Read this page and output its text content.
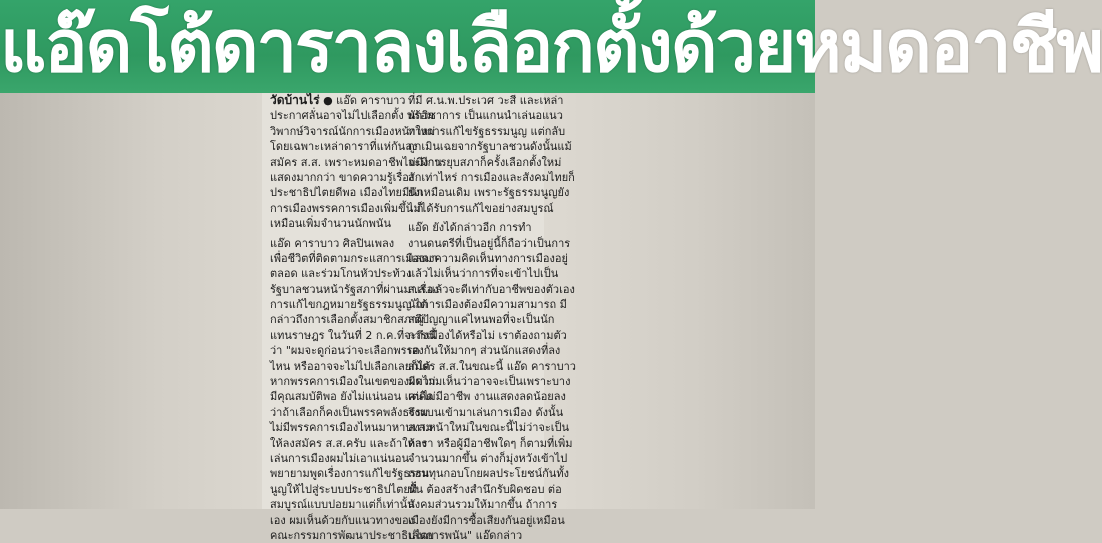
แอ๊ดโต้ดาราลงเลือกตั้งด้วยหมดอาชีพ
วัดบ้านไร่ ● แอ๊ด คาราบาว
ประกาศลั่นอาจไม่ไปเลือกตั้ง พร้อม
วิพากษ์วิจารณ์นักการเมืองหน้าใหม่
โดยเฉพาะเหล่าดาราที่แห่กันลง
สมัคร ส.ส. เพราะหมดอาชีพไม่มีงาน
แสดงมากกว่า ขาดความรู้เรื่อง
ประชาธิปไตยดีพอ เมืองไทยมีนัก
การเมืองพรรคการเมืองเพิ่มขึ้น ก็
เหมือนเพิ่มจำนวนนักพนัน
แอ๊ด คาราบาว ศิลปินเพลง
เพื่อชีวิตที่ติดตามกระแสการเมืองมา
ตลอด และร่วมโกนหัวประท้วง
รัฐบาลชวนหน้ารัฐสภาที่ผ่านมาเรื่อง
การแก้ไขกฎหมายรัฐธรรมนูญ ได้
กล่าวถึงการเลือกตั้งสมาชิกสภาผู้
แทนราษฎร ในวันที่ 2 ก.ค.ที่จะถึงนี้
ว่า "ผมจะดูก่อนว่าจะเลือกพรรค
ไหน หรืออาจจะไม่ไปเลือกเลยก็ได้
หากพรรคการเมืองในเขตของผมไม่
มีคุณสมบัติพอ ยังไม่แน่นอน แต่คิด
ว่าถ้าเลือกก็คงเป็นพรรคพลังธรรม
ไม่มีพรรคการเมืองไหนมาหาบทาม
ให้ลงสมัคร ส.ส.ครับ และถ้าให้ลง
เล่นการเมืองผมไม่เอาแน่นอน
พยายามพูดเรื่องการแก้ไขรัฐธรรม
นูญให้ไปสู่ระบบประชาธิปไตยที่
สมบูรณ์แบบปอยมาแต่ก็เท่านั้น
เอง ผมเห็นด้วยกับแนวทางของ
คณะกรรมการพัฒนาประชาธิปไตย
ที่มี ศ.น.พ.ประเวศ วะสี และเหล่า
นักวิชาการ เป็นแกนนำเล่นอแนว
ทางการแก้ไขรัฐธรรมนูญ แต่กลับ
ถูกเมินเฉยจากรัฐบาลชวนดังนั้นแม้
จะมีการยุบสภาก็ครั้งเลือกตั้งใหม่
สักเท่าไหร่ การเมืองและสังคมไทยก็
ยังเหมือนเดิม เพราะรัฐธรรมนูญยัง
ไม่ได้รับการแก้ไขอย่างสมบูรณ์
แอ๊ด ยังได้กล่าวอีก การทำ
งานดนตรีที่เป็นอยู่นี้ก็ถือว่าเป็นการ
แสดงความคิดเห็นทางการเมืองอยู่
แล้วไม่เห็นว่าการที่จะเข้าไปเป็น
ส.ส.แล้วจะดีเท่ากับอาชีพของตัวเอง
นักการเมืองต้องมีความสามารถ มี
สติปัญญาแค่ไหนพอที่จะเป็นนัก
การเมืองได้หรือไม่ เราต้องถามตัว
เองกันให้มากๆ ส่วนนักแสดงที่ลง
สมัคร ส.ส.ในขณะนี้ แอ๊ด คาราบาว
มีความเห็นว่าอาจจะเป็นเพราะบาง
คนไม่มีอาชีพ งานแสดงลดน้อยลง
จึงแบนเข้ามาเล่นการเมือง ดังนั้น
ส.ส.หน้าใหม่ในขณะนี้ไม่ว่าจะเป็น
ดารา หรือผู้มีอาชีพใดๆ ก็ตามที่เพิ่ม
จำนวนมากขึ้น ต่างก็มุ่งหวังเข้าไป
ถอนทุนกอบโกยผลประโยชน์กันทั้ง
นั้น ต้องสร้างสำนึกรับผิดชอบ ต่อ
สังคมส่วนรวมให้มากขึ้น ถ้าการ
เมืองยังมีการซื้อเสียงกันอยู่เหมือน
เล่นการพนัน" แอ๊ดกล่าว
